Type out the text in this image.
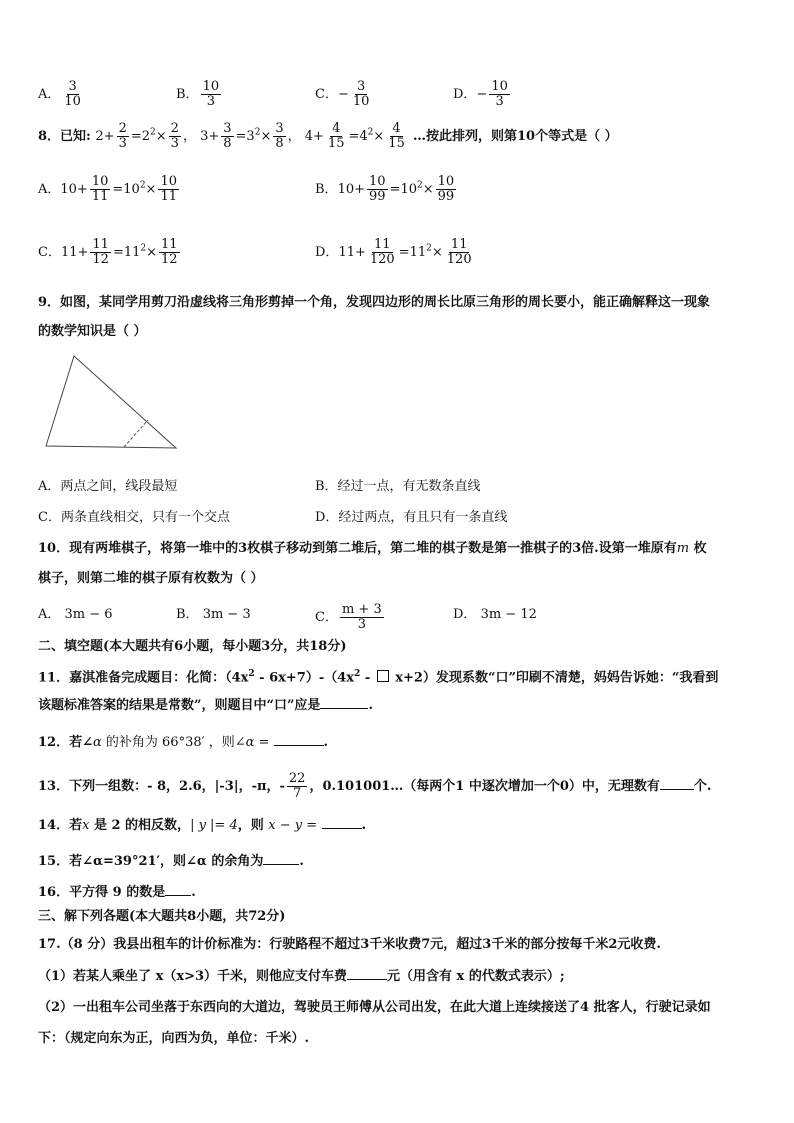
A． $\frac{3}{10}$	B． $\frac{10}{3}$	C．− $\frac{3}{10}$	D．− $\frac{10}{3}$
8．已知: $2+ \frac{2}{3} =2^2\times \frac{2}{3}$ ， $3+ \frac{3}{8} =3^2\times \frac{3}{8}$ ， $4+ \frac{4}{15} =4^2\times \frac{4}{15}$ …按此排列，则第10个等式是（ ）
A．$10+ \frac{10}{11} =10^2\times \frac{10}{11}$	B．$10+ \frac{10}{99} =10^2\times \frac{10}{99}$
C．$11+ \frac{11}{12} =11^2\times \frac{11}{12}$	D．$11+ \frac{11}{120} =11^2\times \frac{11}{120}$
9．如图，某同学用剪刀沿虚线将三角形剪掉一个角，发现四边形的周长比原三角形的周长要小，能正确解释这一现象
的数学知识是（ ）
A．两点之间，线段最短	B．经过一点，有无数条直线
C．两条直线相交，只有一个交点	D．经过两点，有且只有一条直线
10．现有两堆棋子，将第一堆中的3枚棋子移动到第二堆后，第二堆的棋子数是第一推棋子的3倍.设第一堆原有m 枚
棋子，则第二堆的棋子原有枚数为（ ）
A． 3m − 6	B． 3m − 3	C． $\frac{m + 3}{3}$	D． 3m − 12
二、填空题(本大题共有6小题，每小题3分，共18分)
11．嘉淇准备完成题目：化简：$(4x^2 - 6x+7)-(4x^2 - x+2)$发现系数“口”印刷不清楚，妈妈告诉她：“我看到
该题标准答案的结果是常数”，则题目中“口”应是	.
12．若∠α 的补角为 66°38′ ，则∠α =	.
13．下列一组数：- 8，2.6，|-3|，-π，- $\frac{22}{7}$ ，0.101001…（每两个1 中逐次增加一个0）中，无理数有	个.
14．若x 是 2 的相反数，| y |= 4，则 x − y =	.
15．若∠α=39°21′，则∠α 的余角为	.
16．平方得 9 的数是 .
三、解下列各题(本大题共8小题，共72分)
17.（8 分）我县出租车的计价标准为：行驶路程不超过3千米收费7元，超过3千米的部分按每千米2元收费.
（1）若某人乘坐了 x（x>3）千米，则他应支付车费	元（用含有 x 的代数式表示）;
（2）一出租车公司坐落于东西向的大道边，驾驶员王师傅从公司出发，在此大道上连续接送了4 批客人，行驶记录如
下：（规定向东为正，向西为负，单位：千米）.
